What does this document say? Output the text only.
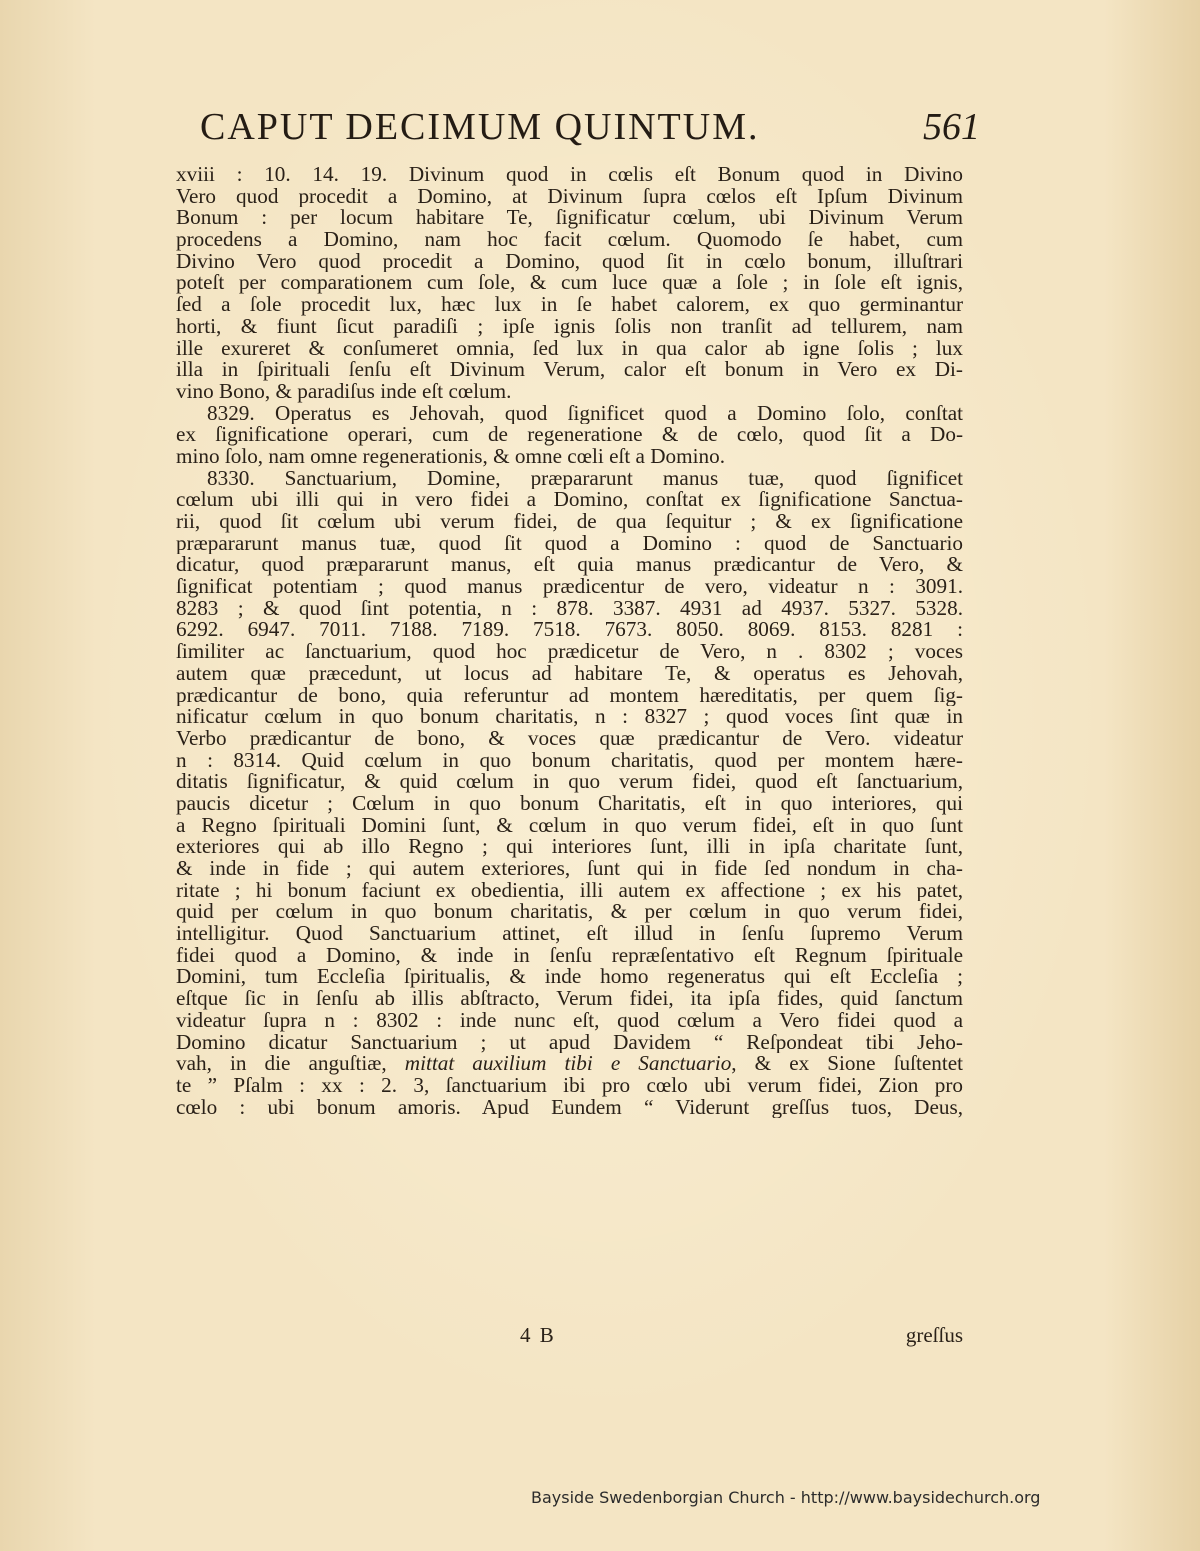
CAPUT DECIMUM QUINTUM.	561
xviii : 10. 14. 19. Divinum quod in cœlis eſt Bonum quod in Divino
Vero quod procedit a Domino, at Divinum ſupra cœlos eſt Ipſum Divinum
Bonum : per locum habitare Te, ſignificatur cœlum, ubi Divinum Verum
procedens a Domino, nam hoc facit cœlum. Quomodo ſe habet, cum
Divino Vero quod procedit a Domino, quod ſit in cœlo bonum, illuſtrari
poteſt per comparationem cum ſole, & cum luce quæ a ſole ; in ſole eſt ignis,
ſed a ſole procedit lux, hæc lux in ſe habet calorem, ex quo germinantur
horti, & fiunt ſicut paradiſi ; ipſe ignis ſolis non tranſit ad tellurem, nam
ille exureret & conſumeret omnia, ſed lux in qua calor ab igne ſolis ; lux
illa in ſpirituali ſenſu eſt Divinum Verum, calor eſt bonum in Vero ex Di-
vino Bono, & paradiſus inde eſt cœlum.
8329. Operatus es Jehovah, quod ſignificet quod a Domino ſolo, conſtat
ex ſignificatione operari, cum de regeneratione & de cœlo, quod ſit a Do-
mino ſolo, nam omne regenerationis, & omne cœli eſt a Domino.
8330. Sanctuarium, Domine, præpararunt manus tuæ, quod ſignificet
cœlum ubi illi qui in vero fidei a Domino, conſtat ex ſignificatione Sanctua-
rii, quod ſit cœlum ubi verum fidei, de qua ſequitur ; & ex ſignificatione
præpararunt manus tuæ, quod ſit quod a Domino : quod de Sanctuario
dicatur, quod præpararunt manus, eſt quia manus prædicantur de Vero, &
ſignificat potentiam ; quod manus prædicentur de vero, videatur n : 3091.
8283 ; & quod ſint potentia, n : 878. 3387. 4931 ad 4937. 5327. 5328.
6292. 6947. 7011. 7188. 7189. 7518. 7673. 8050. 8069. 8153. 8281 :
ſimiliter ac ſanctuarium, quod hoc prædicetur de Vero, n . 8302 ; voces
autem quæ præcedunt, ut locus ad habitare Te, & operatus es Jehovah,
prædicantur de bono, quia referuntur ad montem hæreditatis, per quem ſig-
nificatur cœlum in quo bonum charitatis, n : 8327 ; quod voces ſint quæ in
Verbo prædicantur de bono, & voces quæ prædicantur de Vero. videatur
n : 8314. Quid cœlum in quo bonum charitatis, quod per montem hære-
ditatis ſignificatur, & quid cœlum in quo verum fidei, quod eſt ſanctuarium,
paucis dicetur ; Cœlum in quo bonum Charitatis, eſt in quo interiores, qui
a Regno ſpirituali Domini ſunt, & cœlum in quo verum fidei, eſt in quo ſunt
exteriores qui ab illo Regno ; qui interiores ſunt, illi in ipſa charitate ſunt,
& inde in fide ; qui autem exteriores, ſunt qui in fide ſed nondum in cha-
ritate ; hi bonum faciunt ex obedientia, illi autem ex affectione ; ex his patet,
quid per cœlum in quo bonum charitatis, & per cœlum in quo verum fidei,
intelligitur. Quod Sanctuarium attinet, eſt illud in ſenſu ſupremo Verum
fidei quod a Domino, & inde in ſenſu repræſentativo eſt Regnum ſpirituale
Domini, tum Eccleſia ſpiritualis, & inde homo regeneratus qui eſt Eccleſia ;
eſtque ſic in ſenſu ab illis abſtracto, Verum fidei, ita ipſa fides, quid ſanctum
videatur ſupra n : 8302 : inde nunc eſt, quod cœlum a Vero fidei quod a
Domino dicatur Sanctuarium ; ut apud Davidem “ Reſpondeat tibi Jeho-
vah, in die anguſtiæ, mittat auxilium tibi e Sanctuario, & ex Sione ſuſtentet
te ” Pſalm : xx : 2. 3, ſanctuarium ibi pro cœlo ubi verum fidei, Zion pro
cœlo : ubi bonum amoris. Apud Eundem “ Viderunt greſſus tuos, Deus,
4 B	greſſus
Bayside Swedenborgian Church - http://www.baysidechurch.org
